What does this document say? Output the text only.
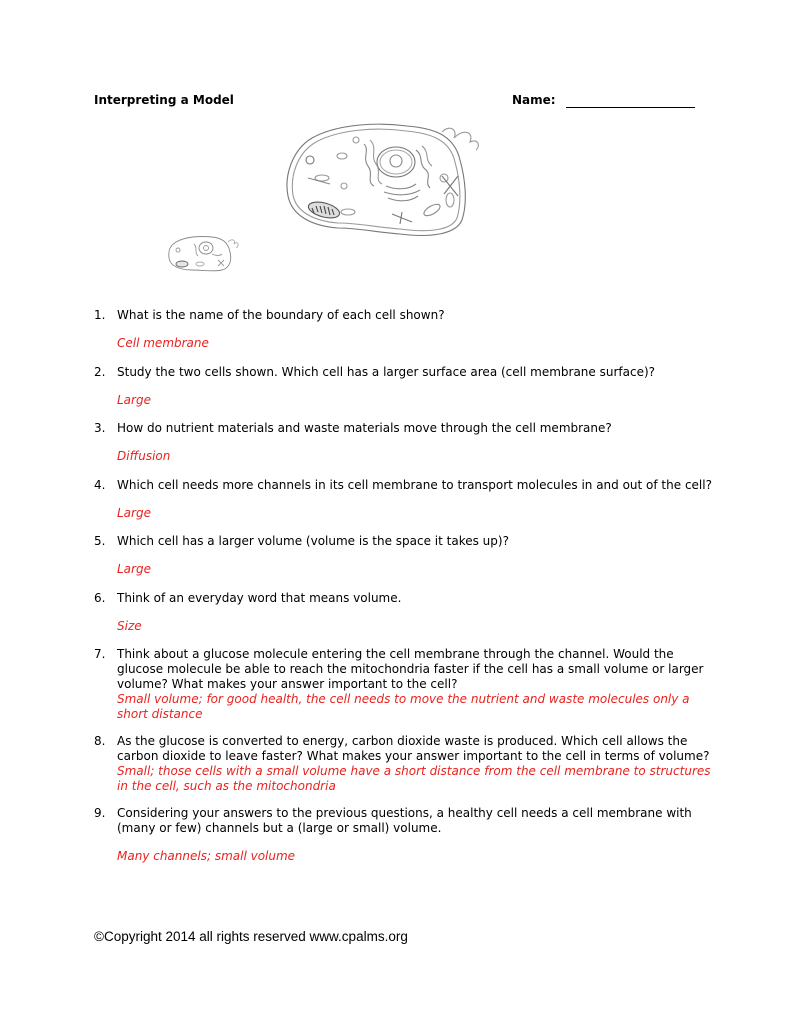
Interpreting a Model	Name:
1. What is the name of the boundary of each cell shown?
Cell membrane
2. Study the two cells shown. Which cell has a larger surface area (cell membrane surface)?
Large
3. How do nutrient materials and waste materials move through the cell membrane?
Diffusion
4. Which cell needs more channels in its cell membrane to transport molecules in and out of the cell?
Large
5. Which cell has a larger volume (volume is the space it takes up)?
Large
6. Think of an everyday word that means volume.
Size
7. Think about a glucose molecule entering the cell membrane through the channel. Would the glucose molecule be able to reach the mitochondria faster if the cell has a small volume or larger volume? What makes your answer important to the cell?
Small volume; for good health, the cell needs to move the nutrient and waste molecules only a short distance
8. As the glucose is converted to energy, carbon dioxide waste is produced. Which cell allows the carbon dioxide to leave faster? What makes your answer important to the cell in terms of volume?
Small; those cells with a small volume have a short distance from the cell membrane to structures in the cell, such as the mitochondria
9. Considering your answers to the previous questions, a healthy cell needs a cell membrane with (many or few) channels but a (large or small) volume.
Many channels; small volume
©Copyright 2014 all rights reserved www.cpalms.org
